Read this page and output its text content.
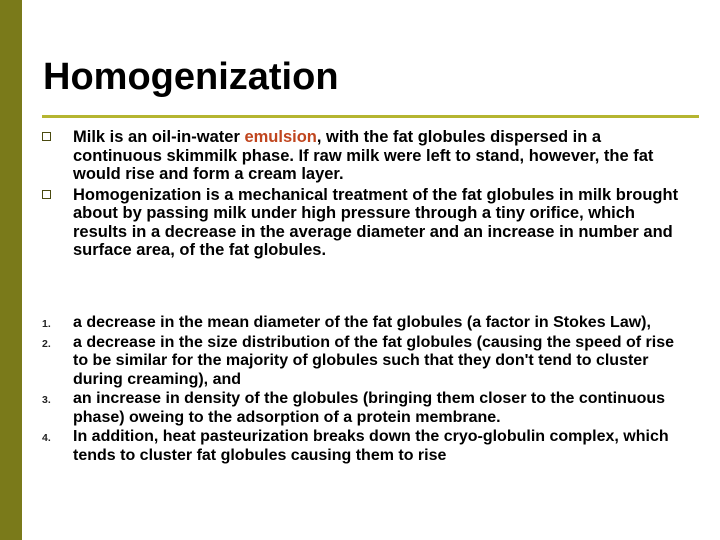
Homogenization
Milk is an oil-in-water emulsion, with the fat globules dispersed in a continuous skimmilk phase. If raw milk were left to stand, however, the fat would rise and form a cream layer.
Homogenization is a mechanical treatment of the fat globules in milk brought about by passing milk under high pressure through a tiny orifice, which results in a decrease in the average diameter and an increase in number and surface area, of the fat globules.
1. a decrease in the mean diameter of the fat globules (a factor in Stokes Law),
2. a decrease in the size distribution of the fat globules (causing the speed of rise to be similar for the majority of globules such that they don't tend to cluster during creaming), and
3. an increase in density of the globules (bringing them closer to the continuous phase) oweing to the adsorption of a protein membrane.
4. In addition, heat pasteurization breaks down the cryo-globulin complex, which tends to cluster fat globules causing them to rise
